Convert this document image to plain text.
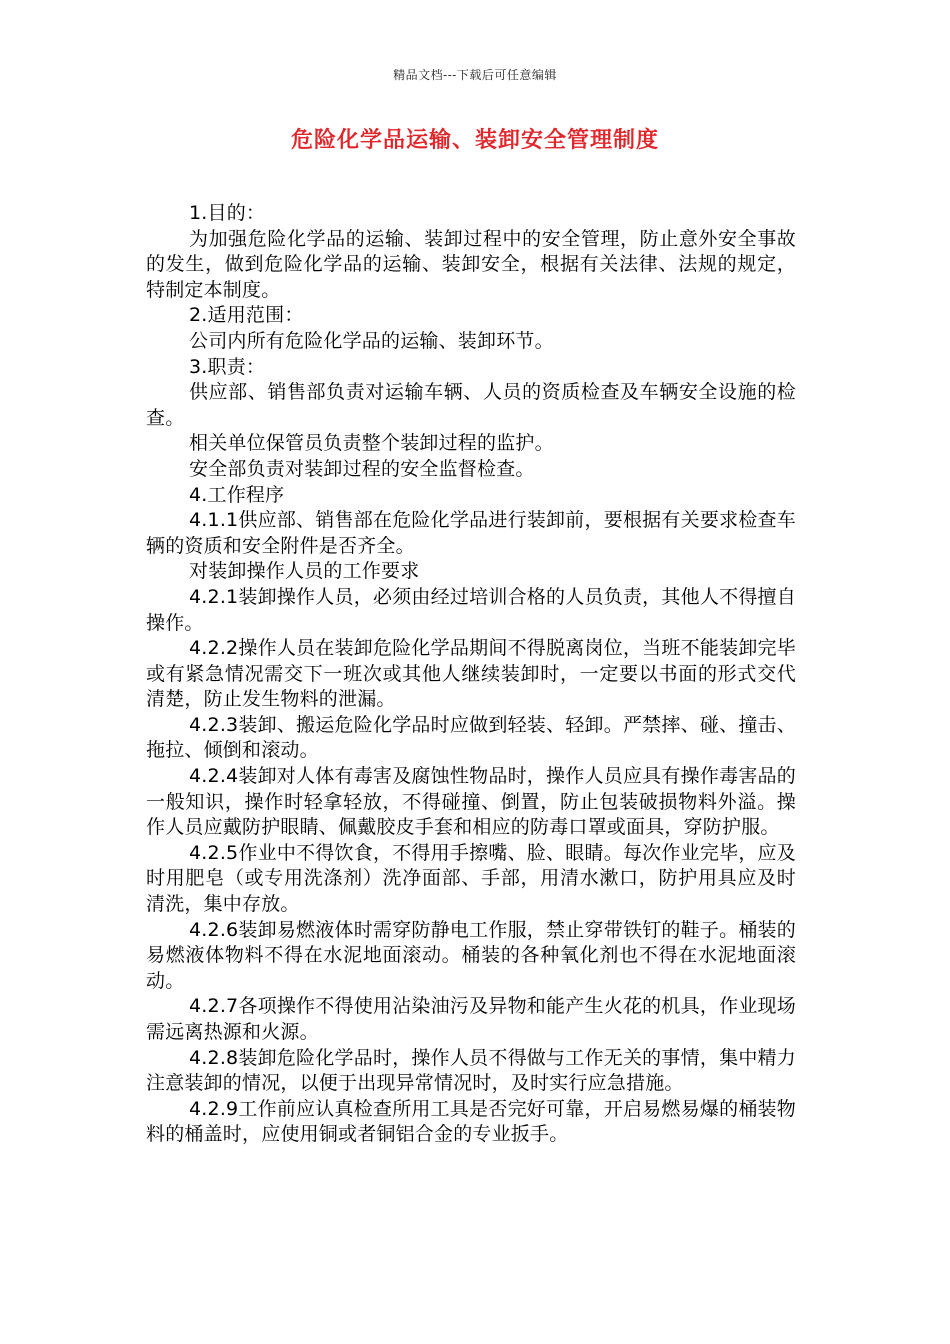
精品文档---下载后可任意编辑
危险化学品运输、装卸安全管理制度

1.目的：

为加强危险化学品的运输、装卸过程中的安全管理，防止意外安全事故的发生，做到危险化学品的运输、装卸安全，根据有关法律、法规的规定，特制定本制度。

2.适用范围：

公司内所有危险化学品的运输、装卸环节。

3.职责：

供应部、销售部负责对运输车辆、人员的资质检查及车辆安全设施的检查。

相关单位保管员负责整个装卸过程的监护。

安全部负责对装卸过程的安全监督检查。

4.工作程序

4.1.1供应部、销售部在危险化学品进行装卸前，要根据有关要求检查车辆的资质和安全附件是否齐全。

对装卸操作人员的工作要求

4.2.1装卸操作人员，必须由经过培训合格的人员负责，其他人不得擅自操作。

4.2.2操作人员在装卸危险化学品期间不得脱离岗位，当班不能装卸完毕或有紧急情况需交下一班次或其他人继续装卸时，一定要以书面的形式交代清楚，防止发生物料的泄漏。

4.2.3装卸、搬运危险化学品时应做到轻装、轻卸。严禁摔、碰、撞击、拖拉、倾倒和滚动。

4.2.4装卸对人体有毒害及腐蚀性物品时，操作人员应具有操作毒害品的一般知识，操作时轻拿轻放，不得碰撞、倒置，防止包装破损物料外溢。操作人员应戴防护眼睛、佩戴胶皮手套和相应的防毒口罩或面具，穿防护服。

4.2.5作业中不得饮食，不得用手擦嘴、脸、眼睛。每次作业完毕，应及时用肥皂（或专用洗涤剂）洗净面部、手部，用清水漱口，防护用具应及时清洗，集中存放。

4.2.6装卸易燃液体时需穿防静电工作服，禁止穿带铁钉的鞋子。桶装的易燃液体物料不得在水泥地面滚动。桶装的各种氧化剂也不得在水泥地面滚动。

4.2.7各项操作不得使用沾染油污及异物和能产生火花的机具，作业现场需远离热源和火源。

4.2.8装卸危险化学品时，操作人员不得做与工作无关的事情，集中精力注意装卸的情况，以便于出现异常情况时，及时实行应急措施。

4.2.9工作前应认真检查所用工具是否完好可靠，开启易燃易爆的桶装物料的桶盖时，应使用铜或者铜铝合金的专业扳手。
